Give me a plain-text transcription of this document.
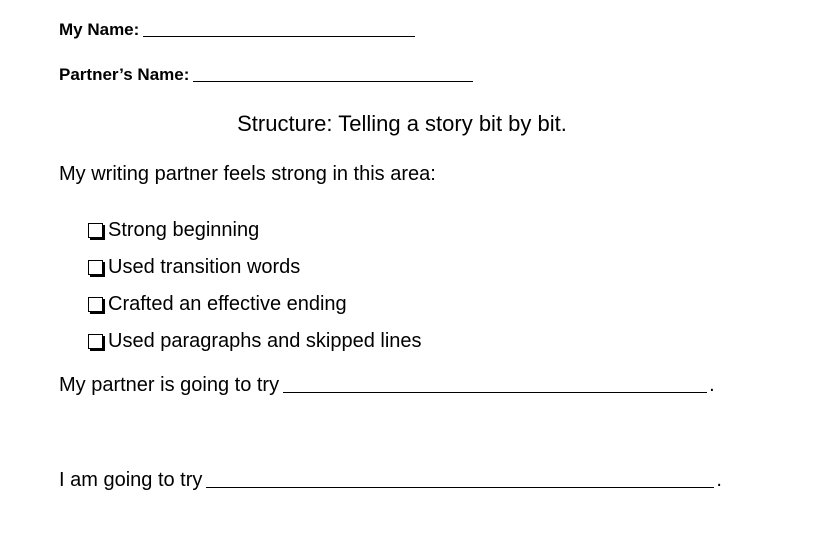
My Name:
Partner’s Name:
Structure: Telling a story bit by bit.
My writing partner feels strong in this area:
Strong beginning
Used transition words
Crafted an effective ending
Used paragraphs and skipped lines
My partner is going to try	.
I am going to try	.
